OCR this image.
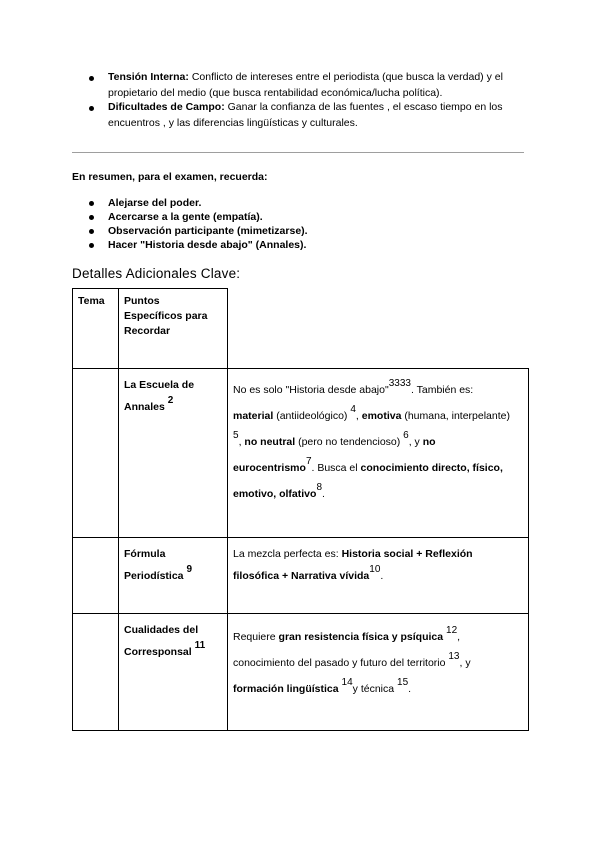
Tensión Interna: Conflicto de intereses entre el periodista (que busca la verdad) y el
propietario del medio (que busca rentabilidad económica/lucha política).
Dificultades de Campo: Ganar la confianza de las fuentes , el escaso tiempo en los
encuentros , y las diferencias lingüísticas y culturales.
En resumen, para el examen, recuerda:
Alejarse del poder.
Acercarse a la gente (empatía).
Observación participante (mimetizarse).
Hacer "Historia desde abajo" (Annales).
Detalles Adicionales Clave:
Tema	Puntos
Específicos para
Recordar	

	La Escuela de
Annales $^2$	No es solo "Historia desde abajo"$^{3333}$. También es:
material (antiideológico) $^4$, emotiva (humana, interpelante)
$^5$, no neutral (pero no tendencioso) $^6$, y no
eurocentrismo$^7$. Busca el conocimiento directo, físico,
emotivo, olfativo$^8$.

	Fórmula
Periodística $^9$	La mezcla perfecta es: Historia social + Reflexión
filosófica + Narrativa vívida$^{10}$.

	Cualidades del
Corresponsal $^{11}$	Requiere gran resistencia física y psíquica $^{12}$,
conocimiento del pasado y futuro del territorio $^{13}$, y
formación lingüística $^{14}$y técnica $^{15}$.
